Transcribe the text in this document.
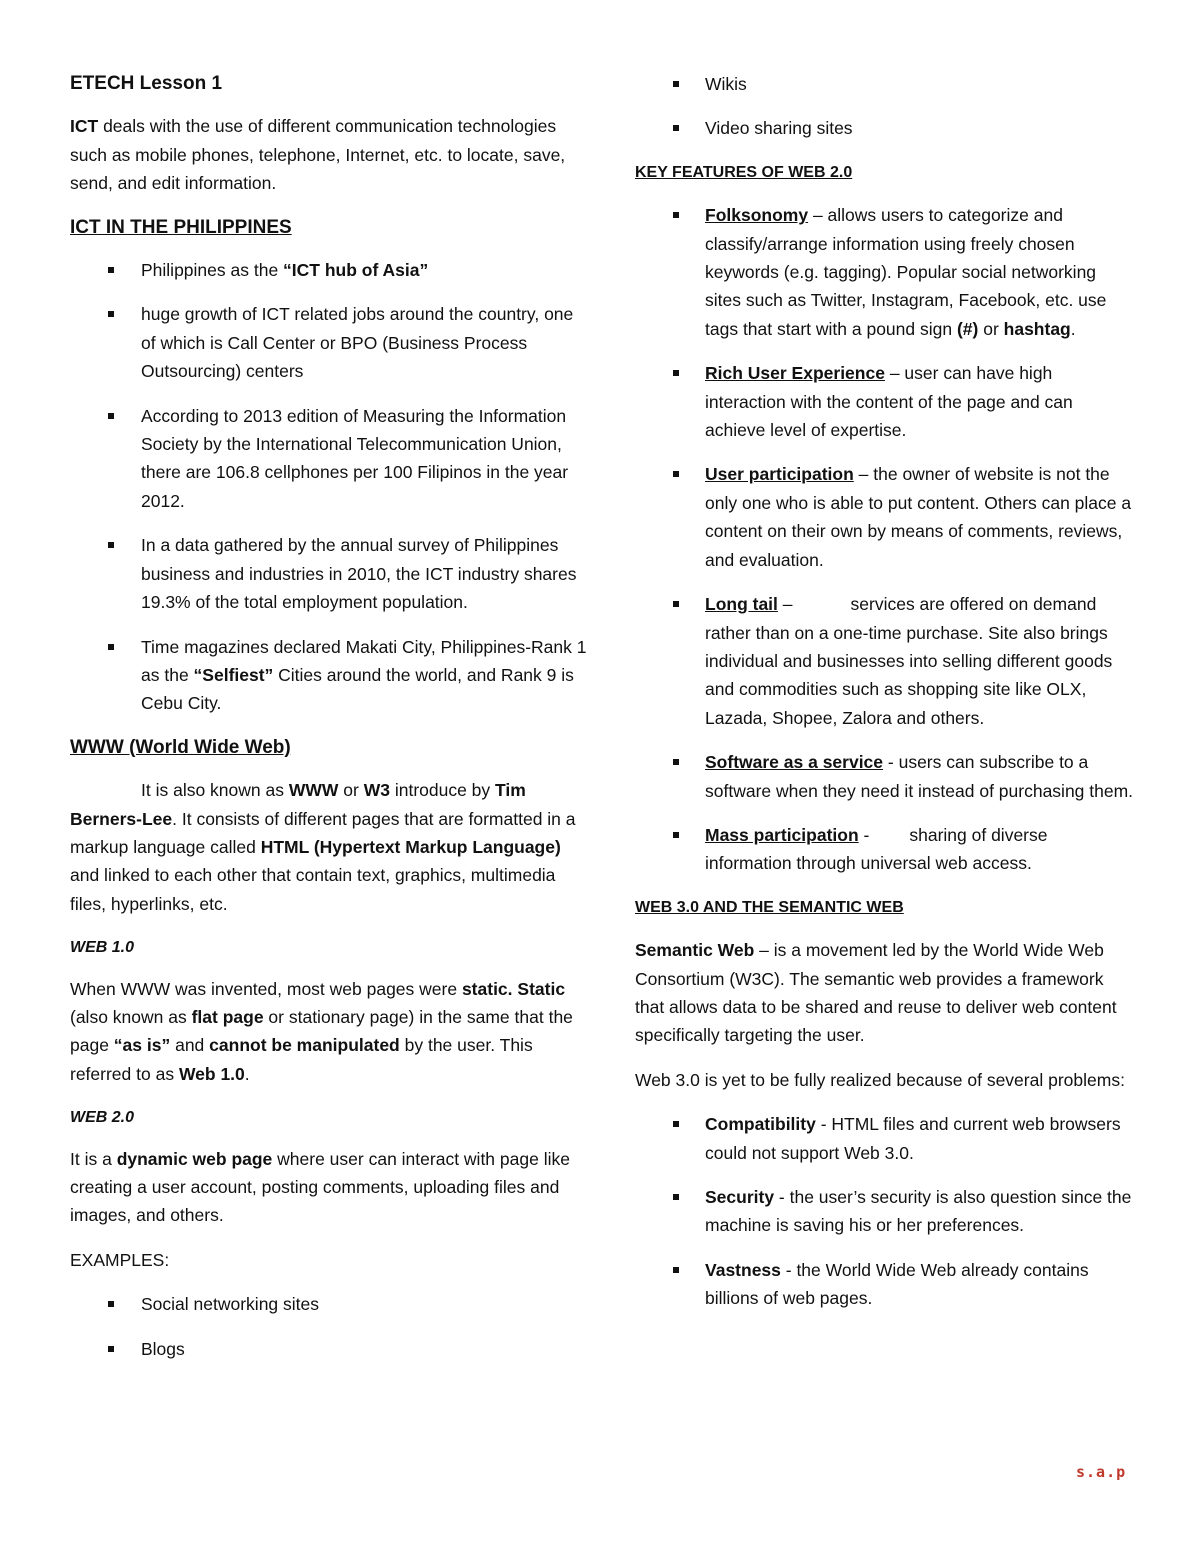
ETECH Lesson 1

ICT deals with the use of different communication technologies such as mobile phones, telephone, Internet, etc. to locate, save, send, and edit information.

ICT IN THE PHILIPPINES
Philippines as the “ICT hub of Asia”
huge growth of ICT related jobs around the country, one of which is Call Center or BPO (Business Process Outsourcing) centers
According to 2013 edition of Measuring the Information Society by the International Telecommunication Union, there are 106.8 cellphones per 100 Filipinos in the year 2012.
In a data gathered by the annual survey of Philippines business and industries in 2010, the ICT industry shares 19.3% of the total employment population.
Time magazines declared Makati City, Philippines-Rank 1 as the “Selfiest” Cities around the world, and Rank 9 is Cebu City.
WWW (World Wide Web)

It is also known as WWW or W3 introduce by Tim Berners-Lee. It consists of different pages that are formatted in a markup language called HTML (Hypertext Markup Language) and linked to each other that contain text, graphics, multimedia files, hyperlinks, etc.

WEB 1.0

When WWW was invented, most web pages were static. Static (also known as flat page or stationary page) in the same that the page “as is” and cannot be manipulated by the user. This referred to as Web 1.0.

WEB 2.0

It is a dynamic web page where user can interact with page like creating a user account, posting comments, uploading files and images, and others.

EXAMPLES:

Social networking sites
Blogs
Wikis
Video sharing sites
KEY FEATURES OF WEB 2.0
Folksonomy – allows users to categorize and classify/arrange information using freely chosen keywords (e.g. tagging). Popular social networking sites such as Twitter, Instagram, Facebook, etc. use tags that start with a pound sign (#) or hashtag.
Rich User Experience – user can have high interaction with the content of the page and can achieve level of expertise.
User participation – the owner of website is not the only one who is able to put content. Others can place a content on their own by means of comments, reviews, and evaluation.
Long tail –	services are offered on demand rather than on a one-time purchase. Site also brings individual and businesses into selling different goods and commodities such as shopping site like OLX, Lazada, Shopee, Zalora and others.
Software as a service - users can subscribe to a software when they need it instead of purchasing them.
Mass participation - sharing of diverse information through universal web access.
WEB 3.0 AND THE SEMANTIC WEB

Semantic Web – is a movement led by the World Wide Web Consortium (W3C). The semantic web provides a framework that allows data to be shared and reuse to deliver web content specifically targeting the user.

Web 3.0 is yet to be fully realized because of several problems:

Compatibility - HTML files and current web browsers could not support Web 3.0.
Security - the user’s security is also question since the machine is saving his or her preferences.
Vastness - the World Wide Web already contains billions of web pages.
s.a.p
